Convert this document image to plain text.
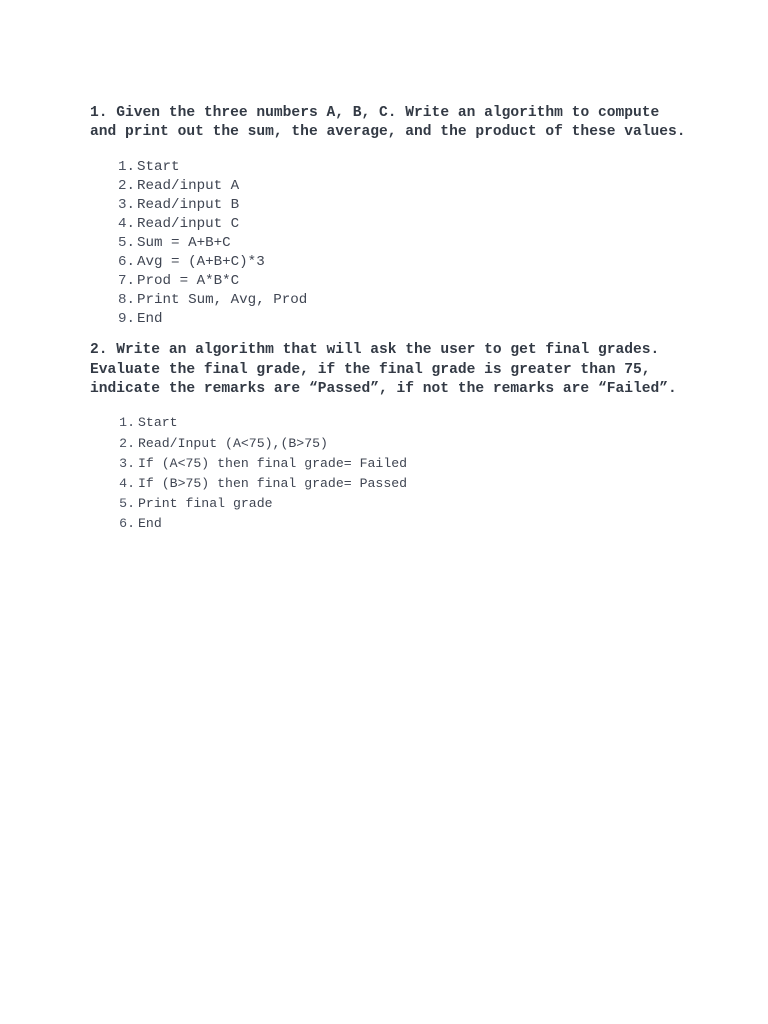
1. Given the three numbers A, B, C. Write an algorithm to compute and print out the sum, the average, and the product of these values.

1. Start
2. Read/input A
3. Read/input B
4. Read/input C
5. Sum = A+B+C
6. Avg = (A+B+C)*3
7. Prod = A*B*C
8. Print Sum, Avg, Prod
9. End

2. Write an algorithm that will ask the user to get final grades. Evaluate the final grade, if the final grade is greater than 75, indicate the remarks are “Passed”, if not the remarks are “Failed”.

1. Start
2. Read/Input (A<75),(B>75)
3. If (A<75) then final grade= Failed
4. If (B>75) then final grade= Passed
5. Print final grade
6. End
